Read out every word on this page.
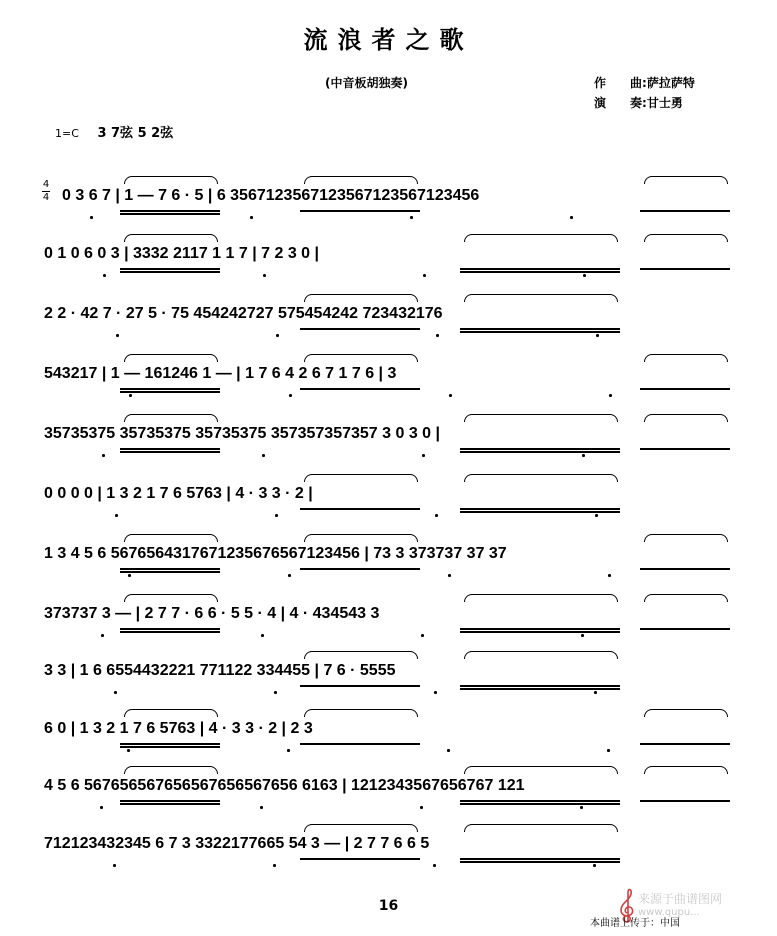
流浪者之歌
(中音板胡独奏)	作　　曲:萨拉萨特
演　　奏:甘士勇
1=C 3 7弦 5 2弦
4
4 0 3 6 7 | 1 — 7 6 · 5 | 6 3567123567123567123567123456
0 1 0 6 0 3 | 3332 2117 1 1 7 | 7 2 3 0 |
2 2 · 42 7 · 27 5 · 75 454242727 575454242 723432176
543217 | 1 — 161246 1 — | 1 7 6 4 2 6 7 1 7 6 | 3
35735375 35735375 35735375 357357357357 3 0 3 0 |
0 0 0 0 | 1 3 2 1 7 6 5763 | 4 · 3 3 · 2 |
1 3 4 5 6 5676564317671235676567123456 | 73 3 373737 37 37
373737 3 — | 2 7 7 · 6 6 · 5 5 · 4 | 4 · 434543 3
3 3 | 1 6 6554432221 771122 334455 | 7 6 · 5555
6 0 | 1 3 2 1 7 6 5763 | 4 · 3 3 · 2 | 2 3
4 5 6 567656567656567656567656 6163 | 1212343567656767 121
712123432345 6 7 3 3322177665 54 3 — | 2 7 7 6 6 5
16	来源于曲谱图网
www.qupu...
本曲谱上传于：中国
